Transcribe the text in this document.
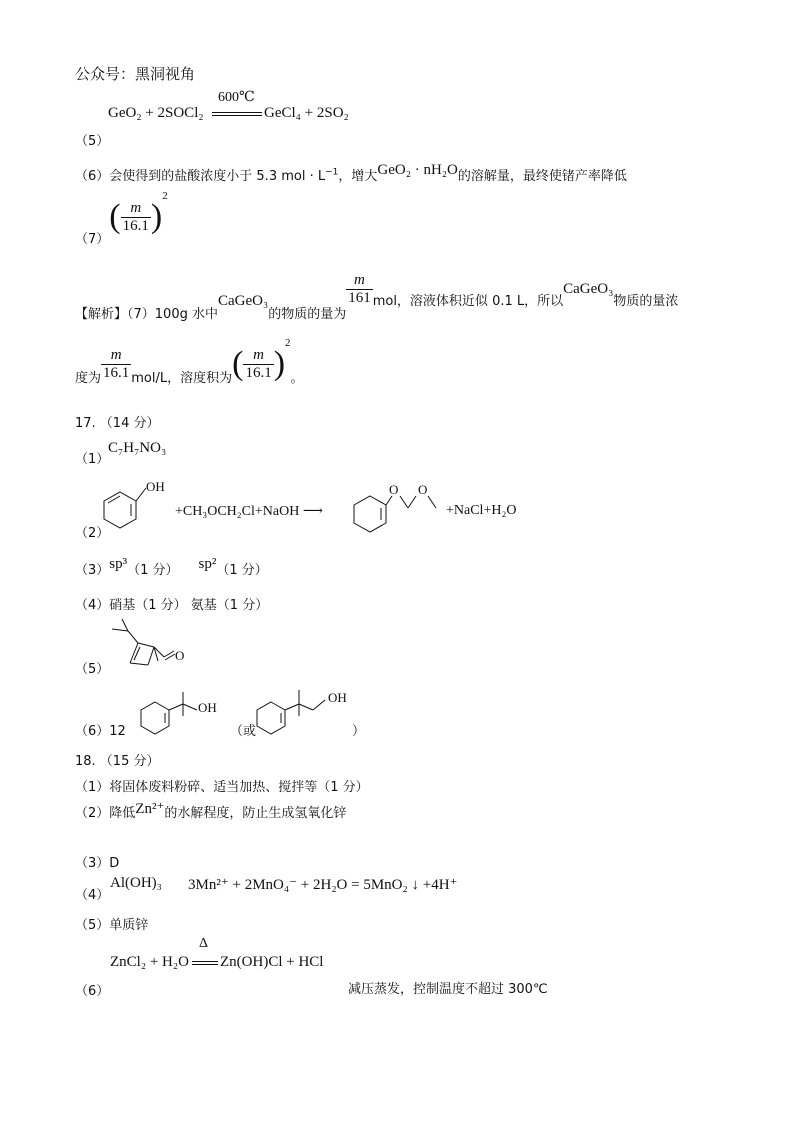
公众号：黑洞视角
GeO₂ + 2SOCl₂
600℃
GeCl₄ + 2SO₂
（5）
（6）会使得到的盐酸浓度小于 5.3 mol · $L^{-1}$，增大GeO₂ · nH₂O的溶解量，最终使锗产率降低
$(7)( \frac{m}{16.1} )^2$
【解析】（7）100g 水中CaGeO₃的物质的量为
$\frac{m}{161}$ mol，溶液体积近似 0.1 L，所以CaGeO₃物质的量浓
度为 $\frac{m}{16.1} mol/L$，溶度积为( $\frac{m}{16.1} )^2$。
17. （14 分）
（1）
C₇H₇NO₃
OH
（2）
+CH₃OCH₂Cl+NaOH ⟶
O O
+NaCl+H₂O
（3）sp³（1 分） sp²（1 分）
（4）硝基（1 分） 氨基（1 分）
O
（5）
（6）12
OH
（或
OH
）
18. （15 分）
（1）将固体废料粉碎、适当加热、搅拌等（1 分）
（2）降低Zn²⁺的水解程度，防止生成氢氧化锌
（3）D
（4）
Al(OH)₃ 3Mn²⁺ + 2MnO₄⁻ + 2H₂O = 5MnO₂ ↓ +4H⁺
（5）单质锌
ZnCl₂ + H₂O
Δ
Zn(OH)Cl + HCl
（6）	减压蒸发，控制温度不超过 300℃
